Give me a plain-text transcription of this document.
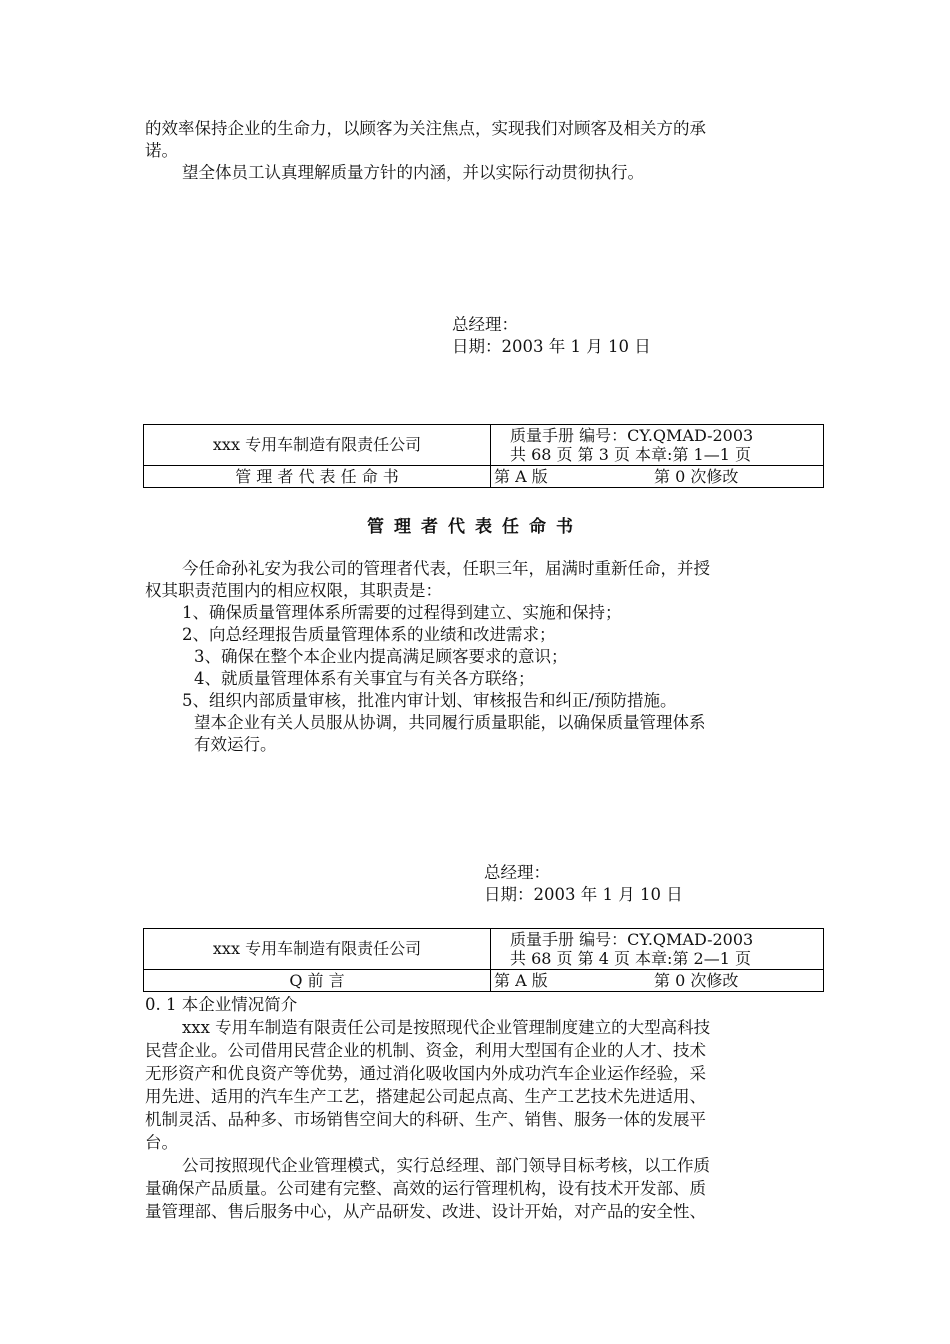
的效率保持企业的生命力，以顾客为关注焦点，实现我们对顾客及相关方的承
诺。
望全体员工认真理解质量方针的内涵，并以实际行动贯彻执行。
总经理：
日期：2003 年 1 月 10 日
xxx 专用车制造有限责任公司	质量手册 编号：CY.QMAD-2003
共 68 页 第 3 页 本章:第 1—1 页
管 理 者 代 表 任 命 书	第 A 版	第 0 次修改
管理者代表任命书
今任命孙礼安为我公司的管理者代表，任职三年，届满时重新任命，并授
权其职责范围内的相应权限，其职责是：
1、确保质量管理体系所需要的过程得到建立、实施和保持；
2、向总经理报告质量管理体系的业绩和改进需求；
3、确保在整个本企业内提高满足顾客要求的意识；
4、就质量管理体系有关事宜与有关各方联络；
5、组织内部质量审核，批准内审计划、审核报告和纠正/预防措施。
望本企业有关人员服从协调，共同履行质量职能，以确保质量管理体系
有效运行。
总经理：
日期：2003 年 1 月 10 日
xxx 专用车制造有限责任公司	质量手册 编号：CY.QMAD-2003
共 68 页 第 4 页 本章:第 2—1 页
Q 前 言	第 A 版	第 0 次修改
0. 1 本企业情况简介
xxx 专用车制造有限责任公司是按照现代企业管理制度建立的大型高科技
民营企业。公司借用民营企业的机制、资金，利用大型国有企业的人才、技术
无形资产和优良资产等优势，通过消化吸收国内外成功汽车企业运作经验，采
用先进、适用的汽车生产工艺，搭建起公司起点高、生产工艺技术先进适用、
机制灵活、品种多、市场销售空间大的科研、生产、销售、服务一体的发展平
台。
公司按照现代企业管理模式，实行总经理、部门领导目标考核，以工作质
量确保产品质量。公司建有完整、高效的运行管理机构，设有技术开发部、质
量管理部、售后服务中心，从产品研发、改进、设计开始，对产品的安全性、
